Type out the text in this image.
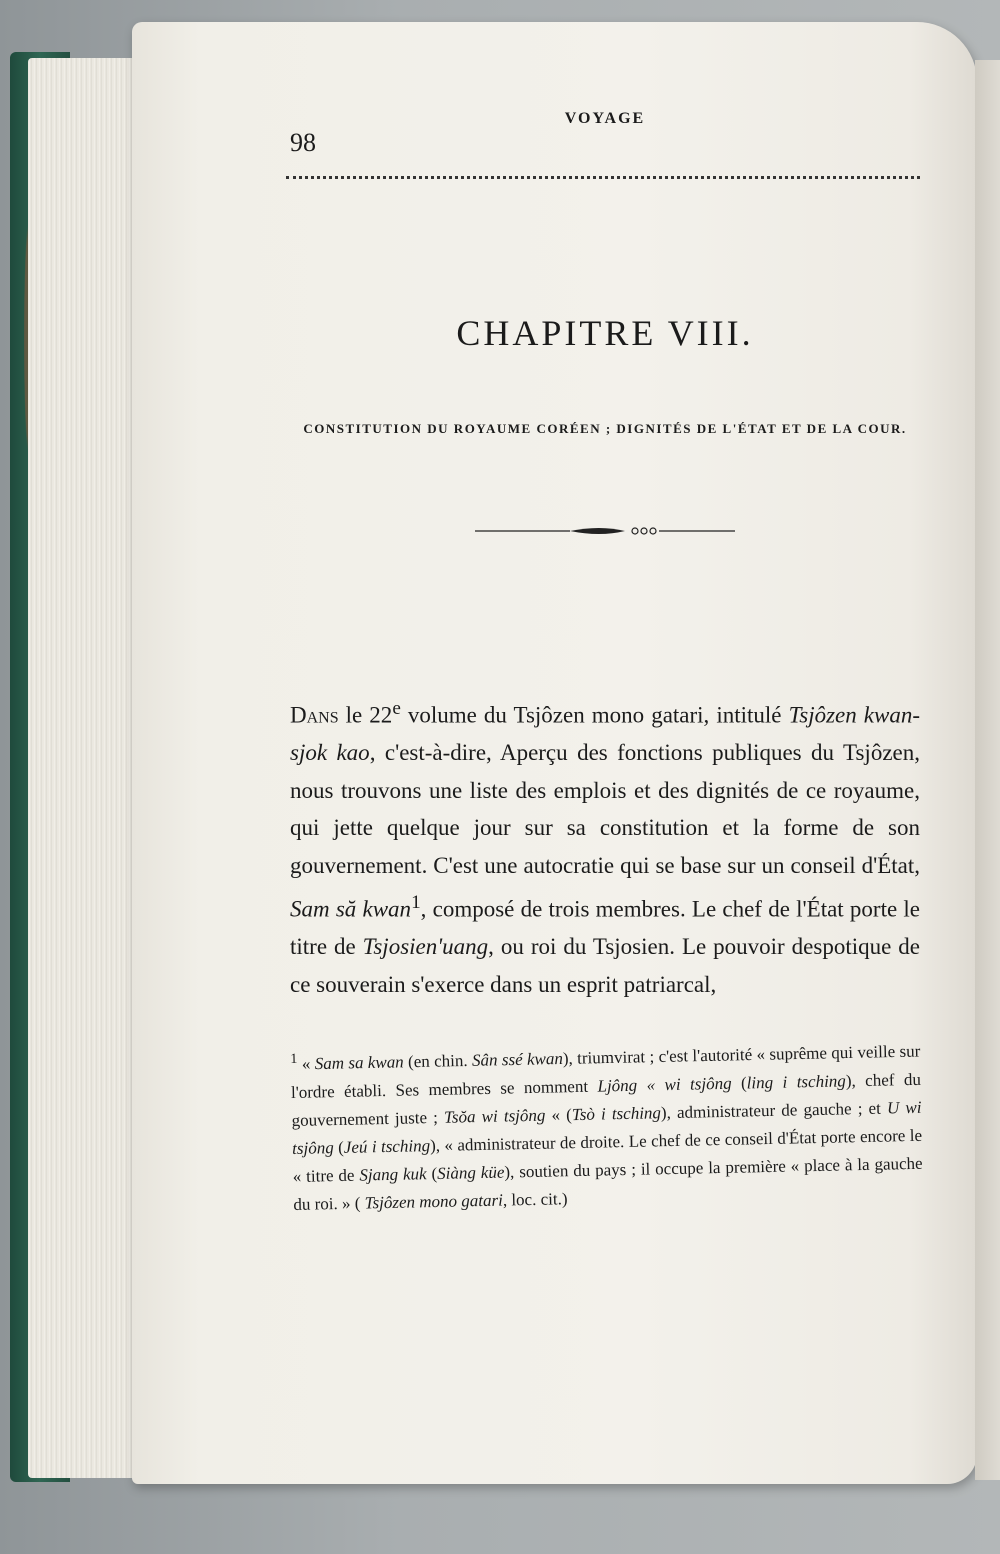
98
VOYAGE
CHAPITRE VIII.
CONSTITUTION DU ROYAUME CORÉEN ; DIGNITÉS DE L'ÉTAT ET DE LA COUR.
Dans le 22e volume du Tsjôzen mono gatari, intitulé Tsjôzen kwan-sjok kao, c'est-à-dire, Aperçu des fonctions publiques du Tsjôzen, nous trouvons une liste des emplois et des dignités de ce royaume, qui jette quelque jour sur sa constitution et la forme de son gouvernement. C'est une autocratie qui se base sur un conseil d'État, Sam să kwan$^1$, composé de trois membres. Le chef de l'État porte le titre de Tsjosien'uang, ou roi du Tsjosien. Le pouvoir despotique de ce souverain s'exerce dans un esprit patriarcal,
$^1$ « Sam sa kwan (en chin. Sân ssé kwan), triumvirat ; c'est l'autorité « suprême qui veille sur l'ordre établi. Ses membres se nomment Ljông « wi tsjông (ling i tsching), chef du gouvernement juste ; Tsŏa wi tsjông « (Tsò i tsching), administrateur de gauche ; et U wi tsjông (Jeú i tsching), « administrateur de droite. Le chef de ce conseil d'État porte encore le « titre de Sjang kuk (Siàng küe), soutien du pays ; il occupe la première « place à la gauche du roi. » ( Tsjôzen mono gatari, loc. cit.)
